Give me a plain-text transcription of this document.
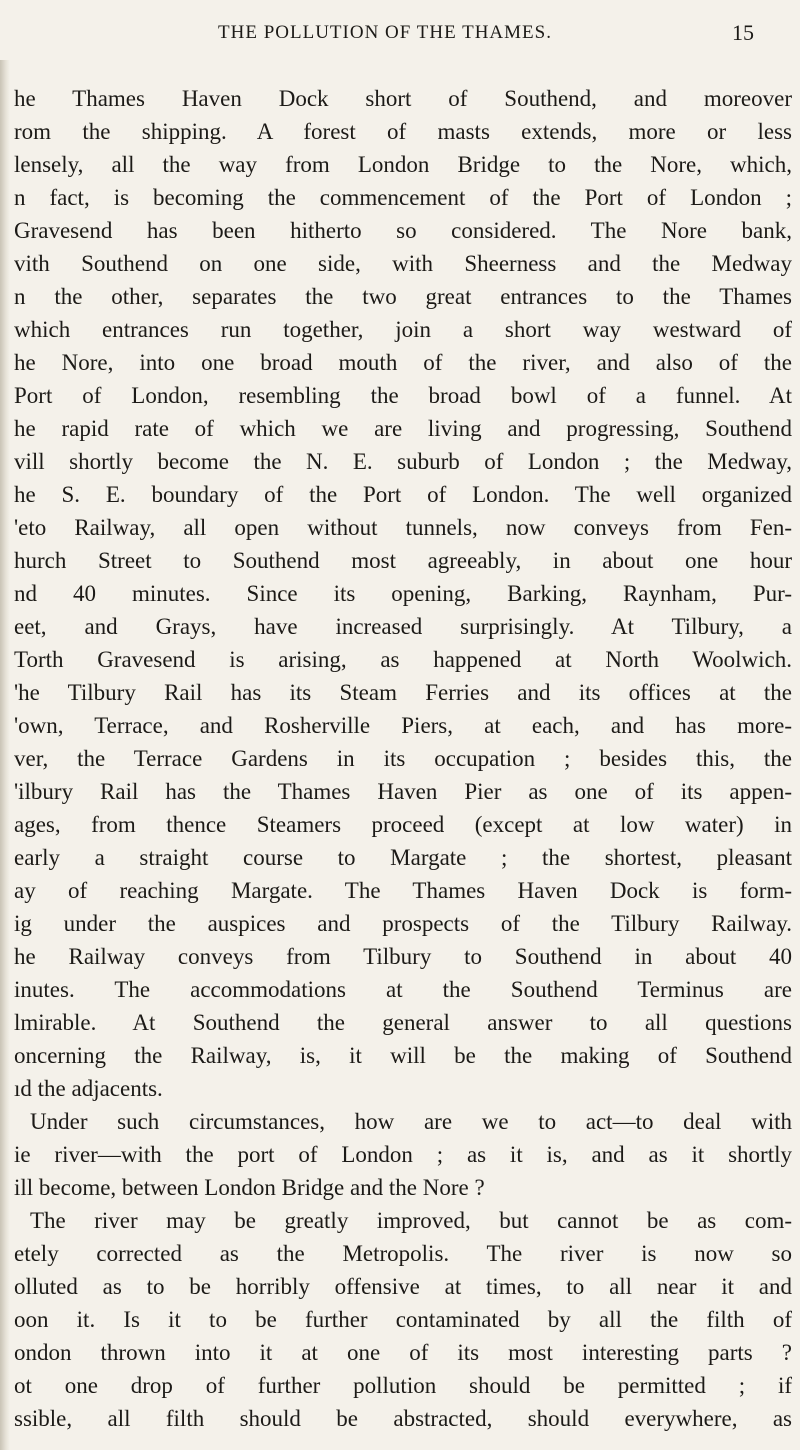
THE POLLUTION OF THE THAMES.	15
he Thames Haven Dock short of Southend, and moreover
rom the shipping. A forest of masts extends, more or less
lensely, all the way from London Bridge to the Nore, which,
n fact, is becoming the commencement of the Port of London ;
Gravesend has been hitherto so considered. The Nore bank,
vith Southend on one side, with Sheerness and the Medway
n the other, separates the two great entrances to the Thames
which entrances run together, join a short way westward of
he Nore, into one broad mouth of the river, and also of the
Port of London, resembling the broad bowl of a funnel. At
he rapid rate of which we are living and progressing, Southend
vill shortly become the N. E. suburb of London ; the Medway,
he S. E. boundary of the Port of London. The well organized
'eto Railway, all open without tunnels, now conveys from Fen-
hurch Street to Southend most agreeably, in about one hour
nd 40 minutes. Since its opening, Barking, Raynham, Pur-
eet, and Grays, have increased surprisingly. At Tilbury, a
Torth Gravesend is arising, as happened at North Woolwich.
'he Tilbury Rail has its Steam Ferries and its offices at the
'own, Terrace, and Rosherville Piers, at each, and has more-
ver, the Terrace Gardens in its occupation ; besides this, the
'ilbury Rail has the Thames Haven Pier as one of its appen-
ages, from thence Steamers proceed (except at low water) in
early a straight course to Margate ; the shortest, pleasant
ay of reaching Margate. The Thames Haven Dock is form-
ig under the auspices and prospects of the Tilbury Railway.
he Railway conveys from Tilbury to Southend in about 40
inutes. The accommodations at the Southend Terminus are
lmirable. At Southend the general answer to all questions
oncerning the Railway, is, it will be the making of Southend
ıd the adjacents.
Under such circumstances, how are we to act—to deal with
ie river—with the port of London ; as it is, and as it shortly
ill become, between London Bridge and the Nore ?
The river may be greatly improved, but cannot be as com-
etely corrected as the Metropolis. The river is now so
olluted as to be horribly offensive at times, to all near it and
oon it. Is it to be further contaminated by all the filth of
ondon thrown into it at one of its most interesting parts ?
ot one drop of further pollution should be permitted ; if
ssible, all filth should be abstracted, should everywhere, as
